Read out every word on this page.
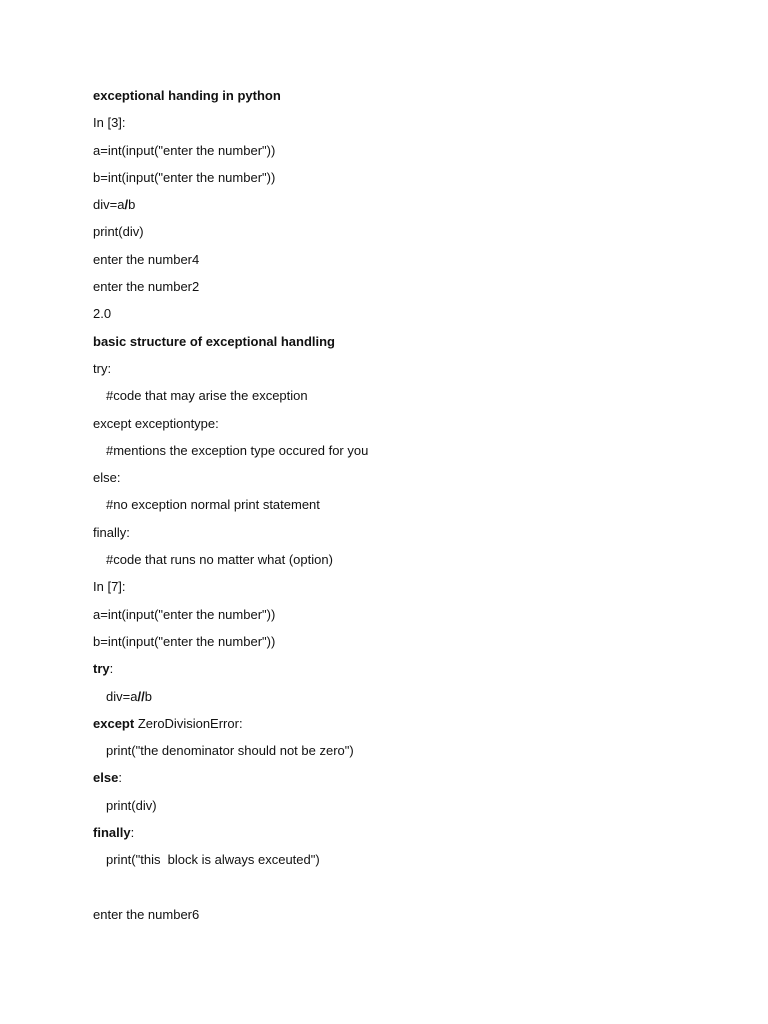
exceptional handing in python
In [3]:
a=int(input("enter the number"))
b=int(input("enter the number"))
div=a/b
print(div)
enter the number4
enter the number2
2.0
basic structure of exceptional handling
try:
#code that may arise the exception
except exceptiontype:
#mentions the exception type occured for you
else:
#no exception normal print statement
finally:
#code that runs no matter what (option)
In [7]:
a=int(input("enter the number"))
b=int(input("enter the number"))
try:
div=a//b
except ZeroDivisionError:
print("the denominator should not be zero")
else:
print(div)
finally:
print("this  block is always exceuted")
enter the number6
